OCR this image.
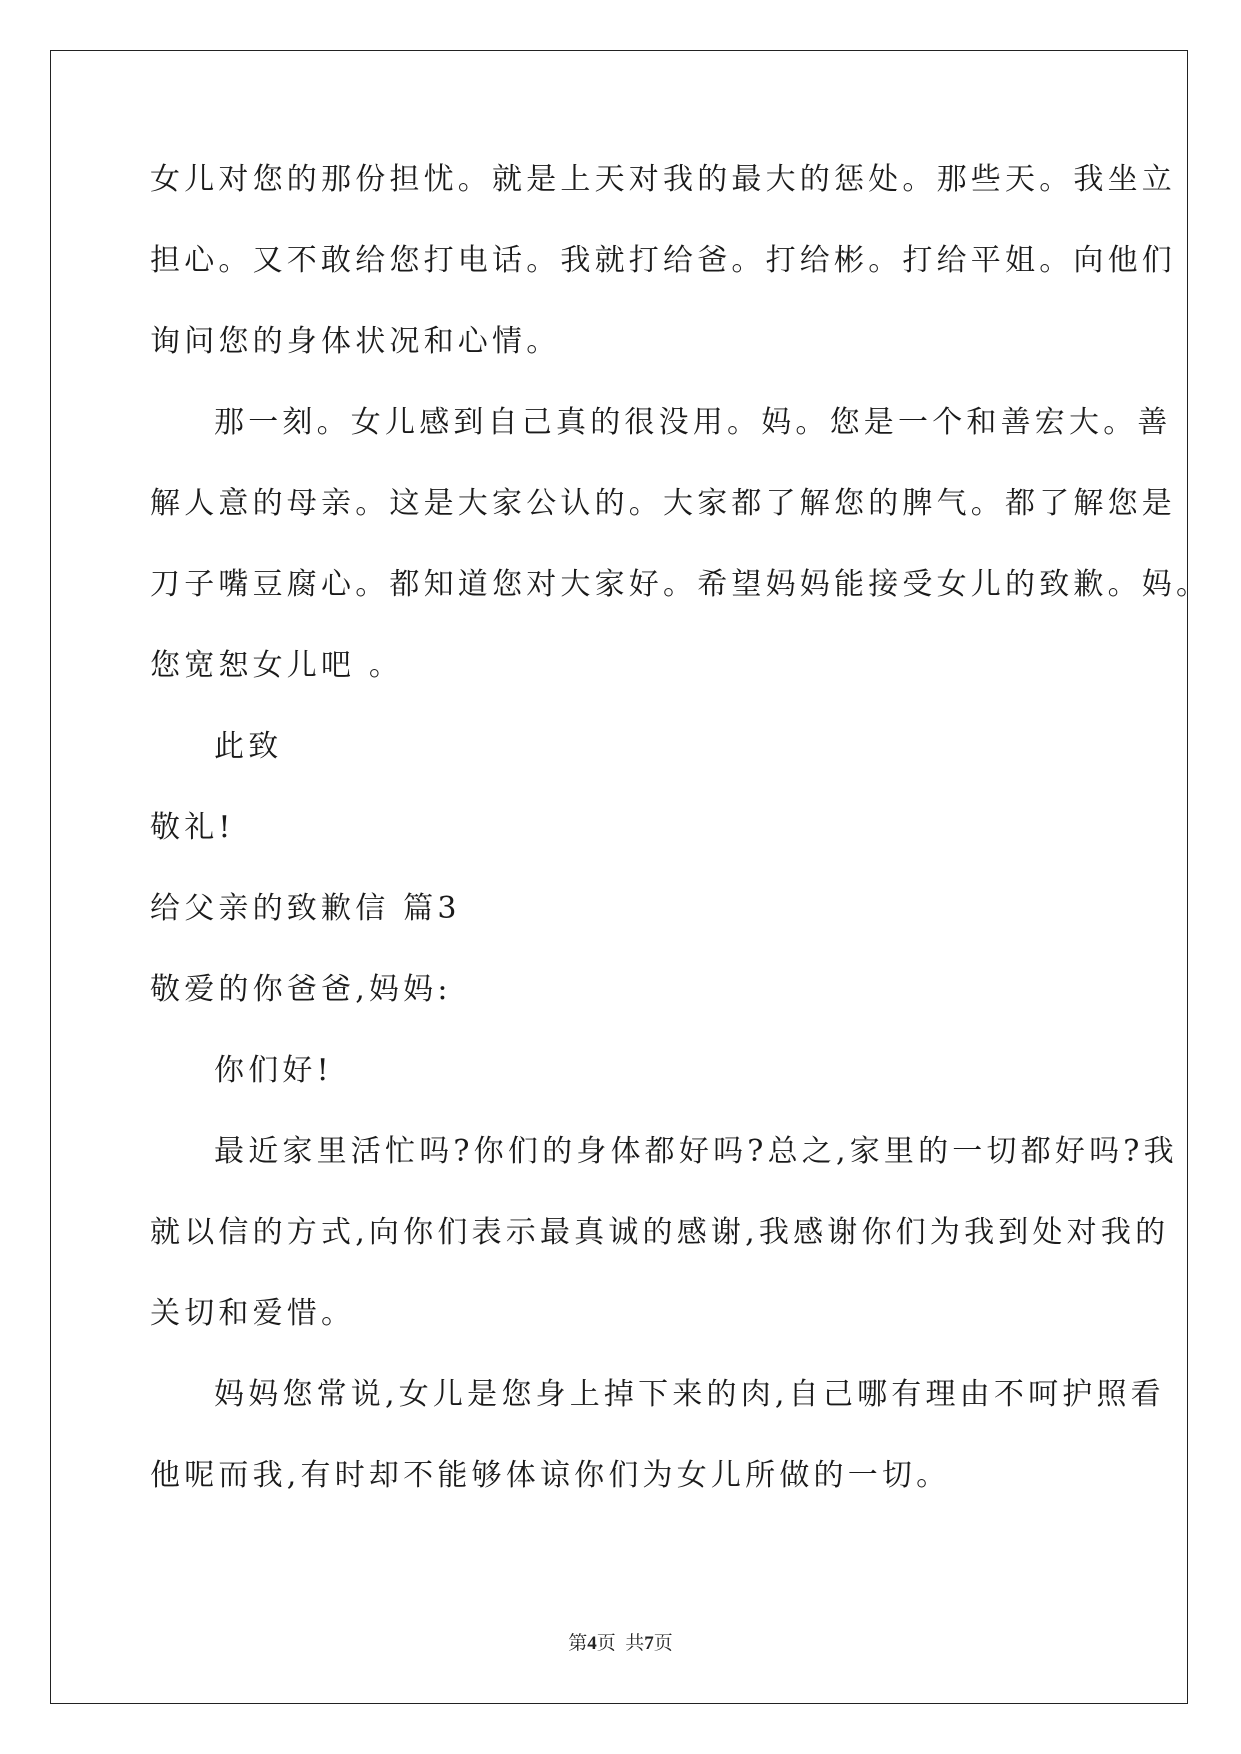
女儿对您的那份担忧。就是上天对我的最大的惩处。那些天。我坐立
担心。又不敢给您打电话。我就打给爸。打给彬。打给平姐。向他们
询问您的身体状况和心情。
那一刻。女儿感到自己真的很没用。妈。您是一个和善宏大。善
解人意的母亲。这是大家公认的。大家都了解您的脾气。都了解您是
刀子嘴豆腐心。都知道您对大家好。希望妈妈能接受女儿的致歉。妈。
您宽恕女儿吧 。
此致
敬礼!
给父亲的致歉信 篇3
敬爱的你爸爸,妈妈:
你们好!
最近家里活忙吗?你们的身体都好吗?总之,家里的一切都好吗?我
就以信的方式,向你们表示最真诚的感谢,我感谢你们为我到处对我的
关切和爱惜。
妈妈您常说,女儿是您身上掉下来的肉,自己哪有理由不呵护照看
他呢而我,有时却不能够体谅你们为女儿所做的一切。
第4页  共7页
